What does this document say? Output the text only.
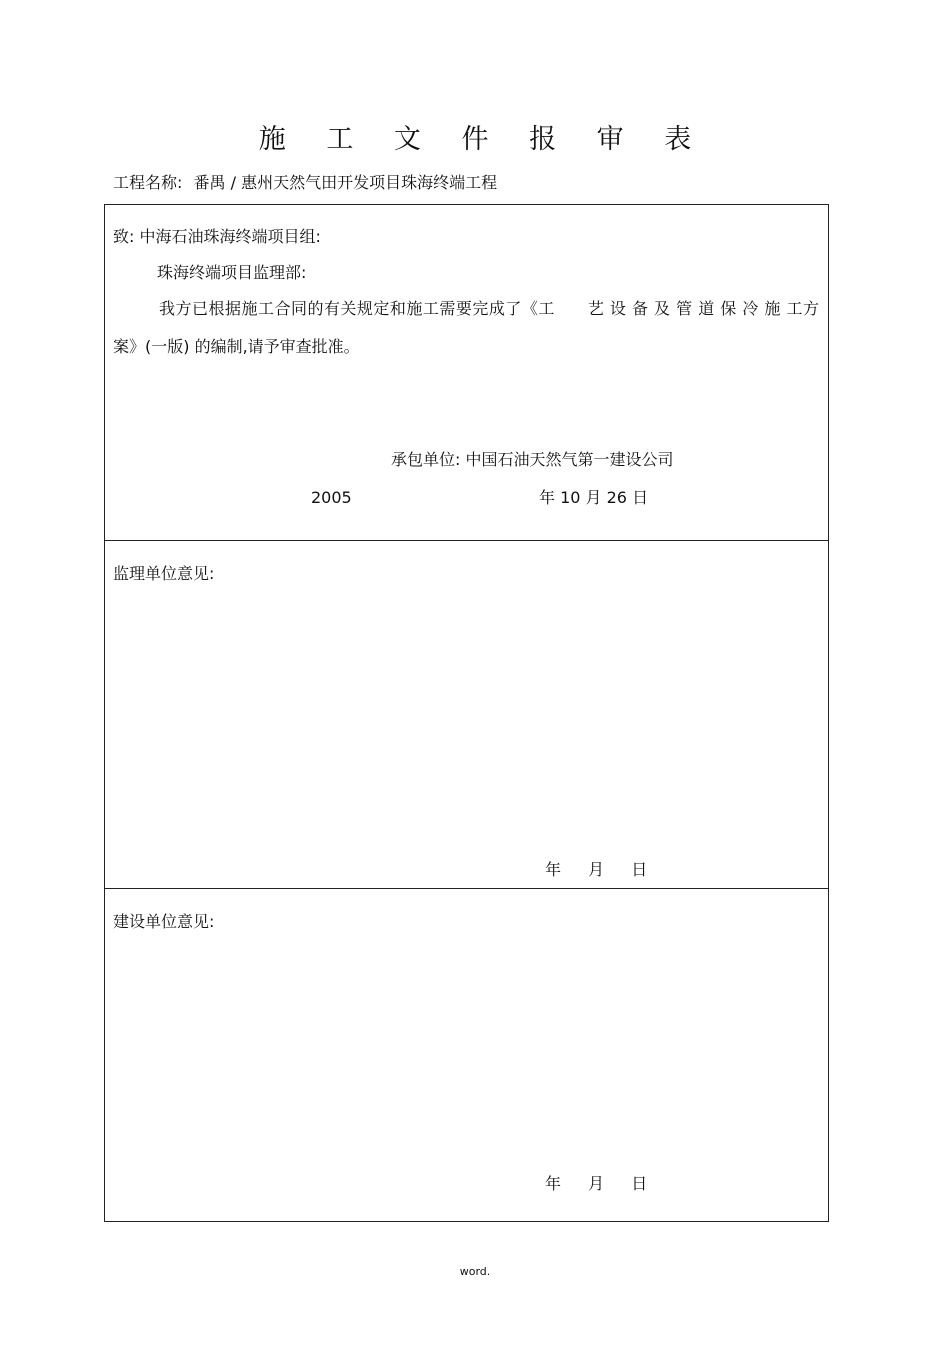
施 工 文 件 报 审 表
工程名称: 番禺 / 惠州天然气田开发项目珠海终端工程
致: 中海石油珠海终端项目组:
珠海终端项目监理部:
我方已根据施工合同的有关规定和施工需要完成了《工　　艺 设 备 及 管 道 保 冷 施 工方案》(一版) 的编制,请予审查批准。
承包单位: 中国石油天然气第一建设公司
2005	年 10 月 26 日
监理单位意见:
年 月 日
建设单位意见:
年 月 日
word.
